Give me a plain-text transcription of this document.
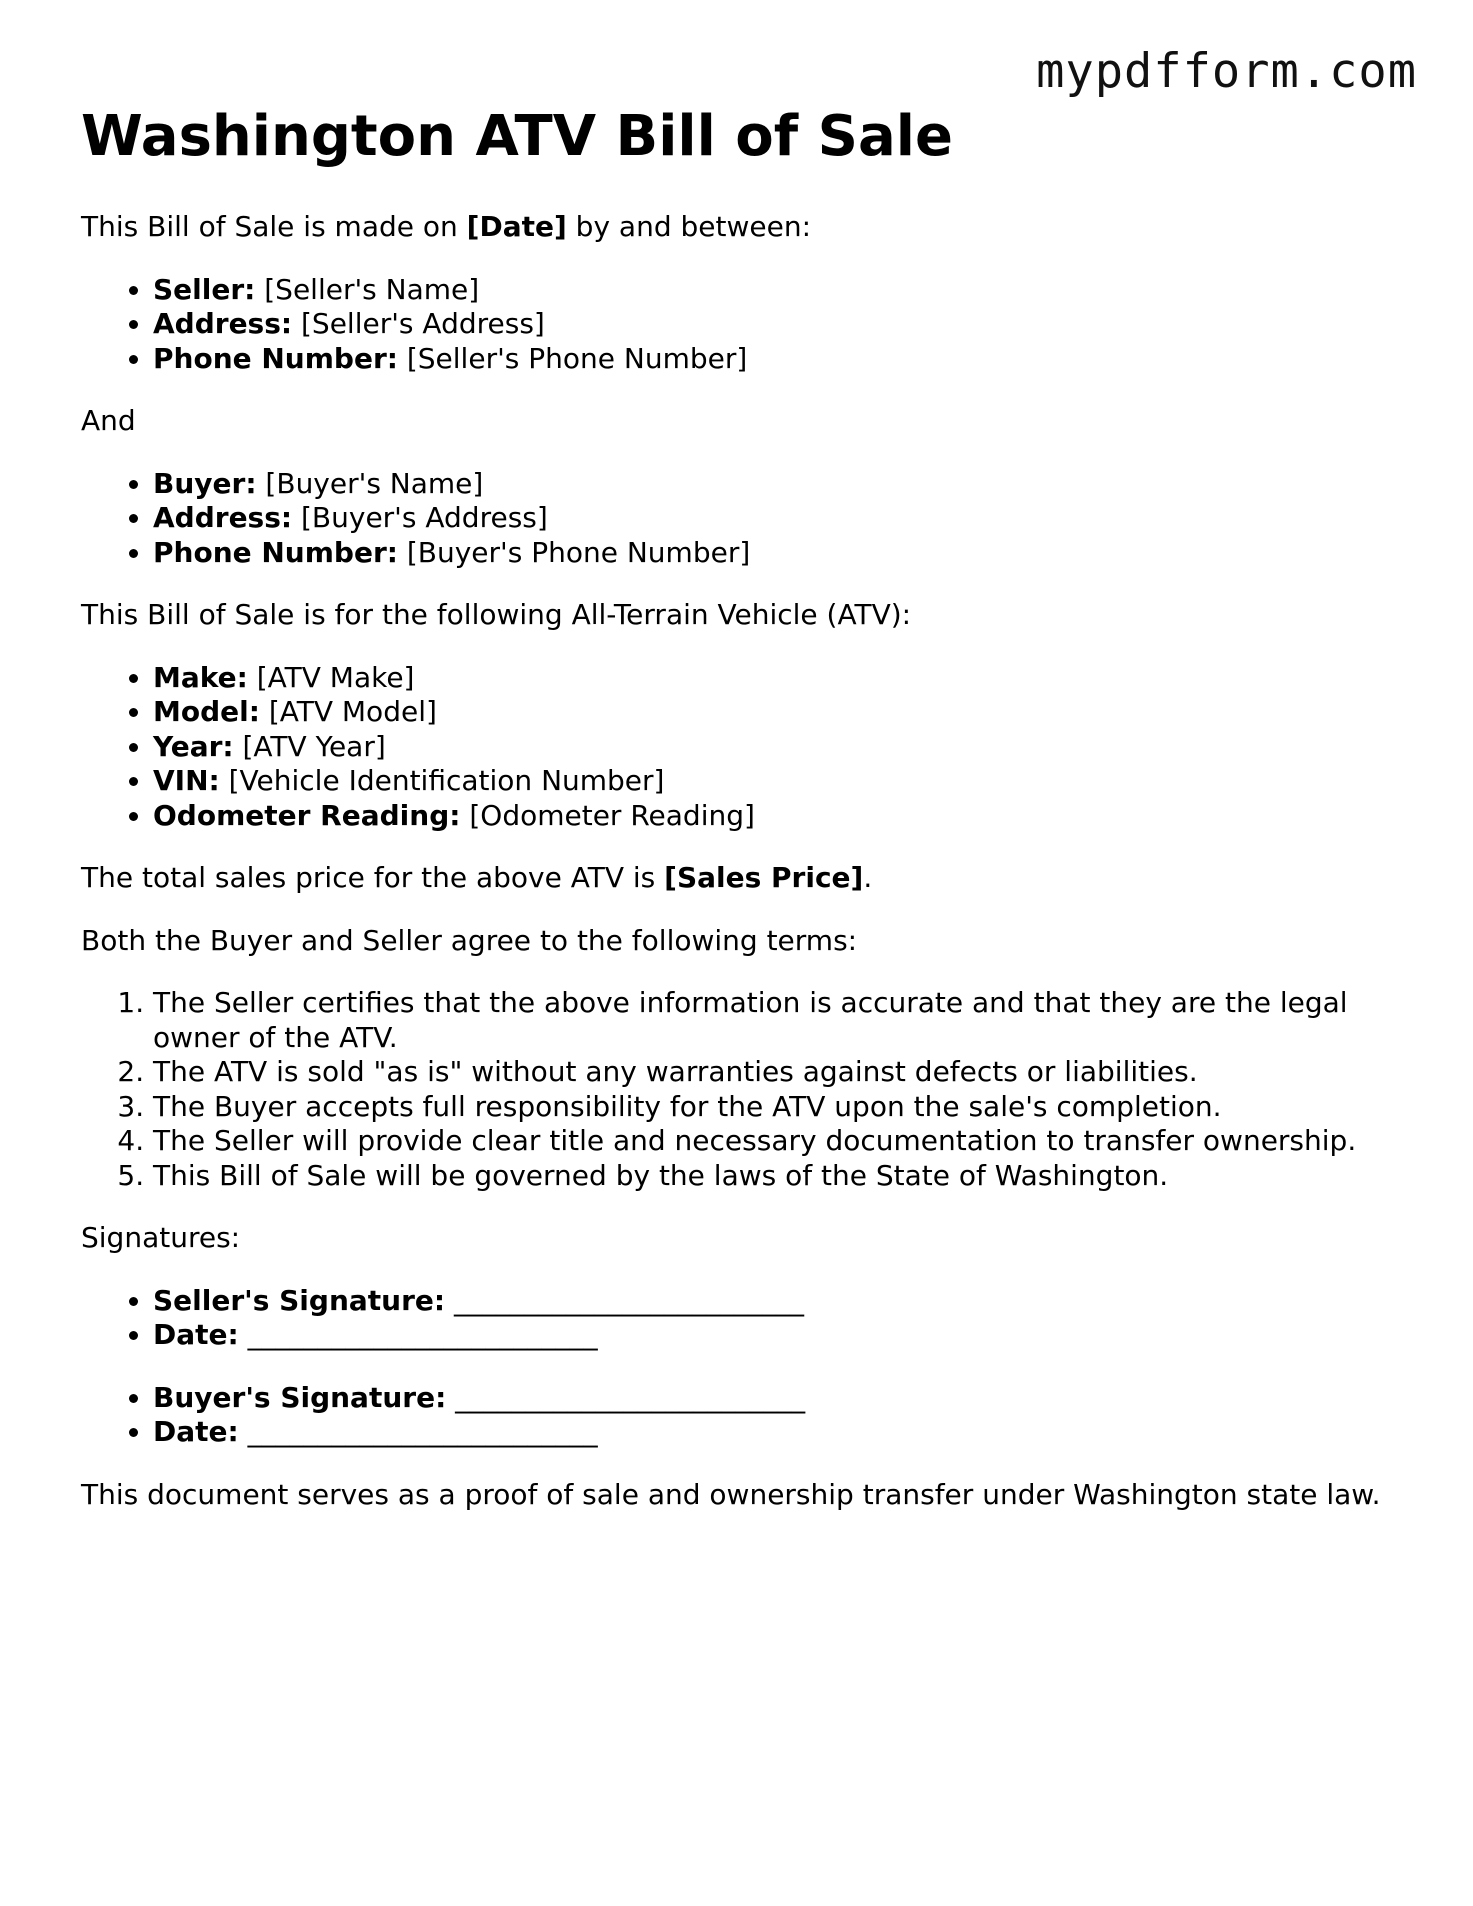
mypdfform.com
Washington ATV Bill of Sale

This Bill of Sale is made on [Date] by and between:

• Seller: [Seller's Name]
• Address: [Seller's Address]
• Phone Number: [Seller's Phone Number]

And

• Buyer: [Buyer's Name]
• Address: [Buyer's Address]
• Phone Number: [Buyer's Phone Number]

This Bill of Sale is for the following All-Terrain Vehicle (ATV):

• Make: [ATV Make]
• Model: [ATV Model]
• Year: [ATV Year]
• VIN: [Vehicle Identification Number]
• Odometer Reading: [Odometer Reading]

The total sales price for the above ATV is [Sales Price].

Both the Buyer and Seller agree to the following terms:

1. The Seller certifies that the above information is accurate and that they are the legal owner of the ATV.
2. The ATV is sold "as is" without any warranties against defects or liabilities.
3. The Buyer accepts full responsibility for the ATV upon the sale's completion.
4. The Seller will provide clear title and necessary documentation to transfer ownership.
5. This Bill of Sale will be governed by the laws of the State of Washington.

Signatures:

• Seller's Signature: _________________________
• Date: _________________________
• Buyer's Signature: _________________________
• Date: _________________________

This document serves as a proof of sale and ownership transfer under Washington state law.
